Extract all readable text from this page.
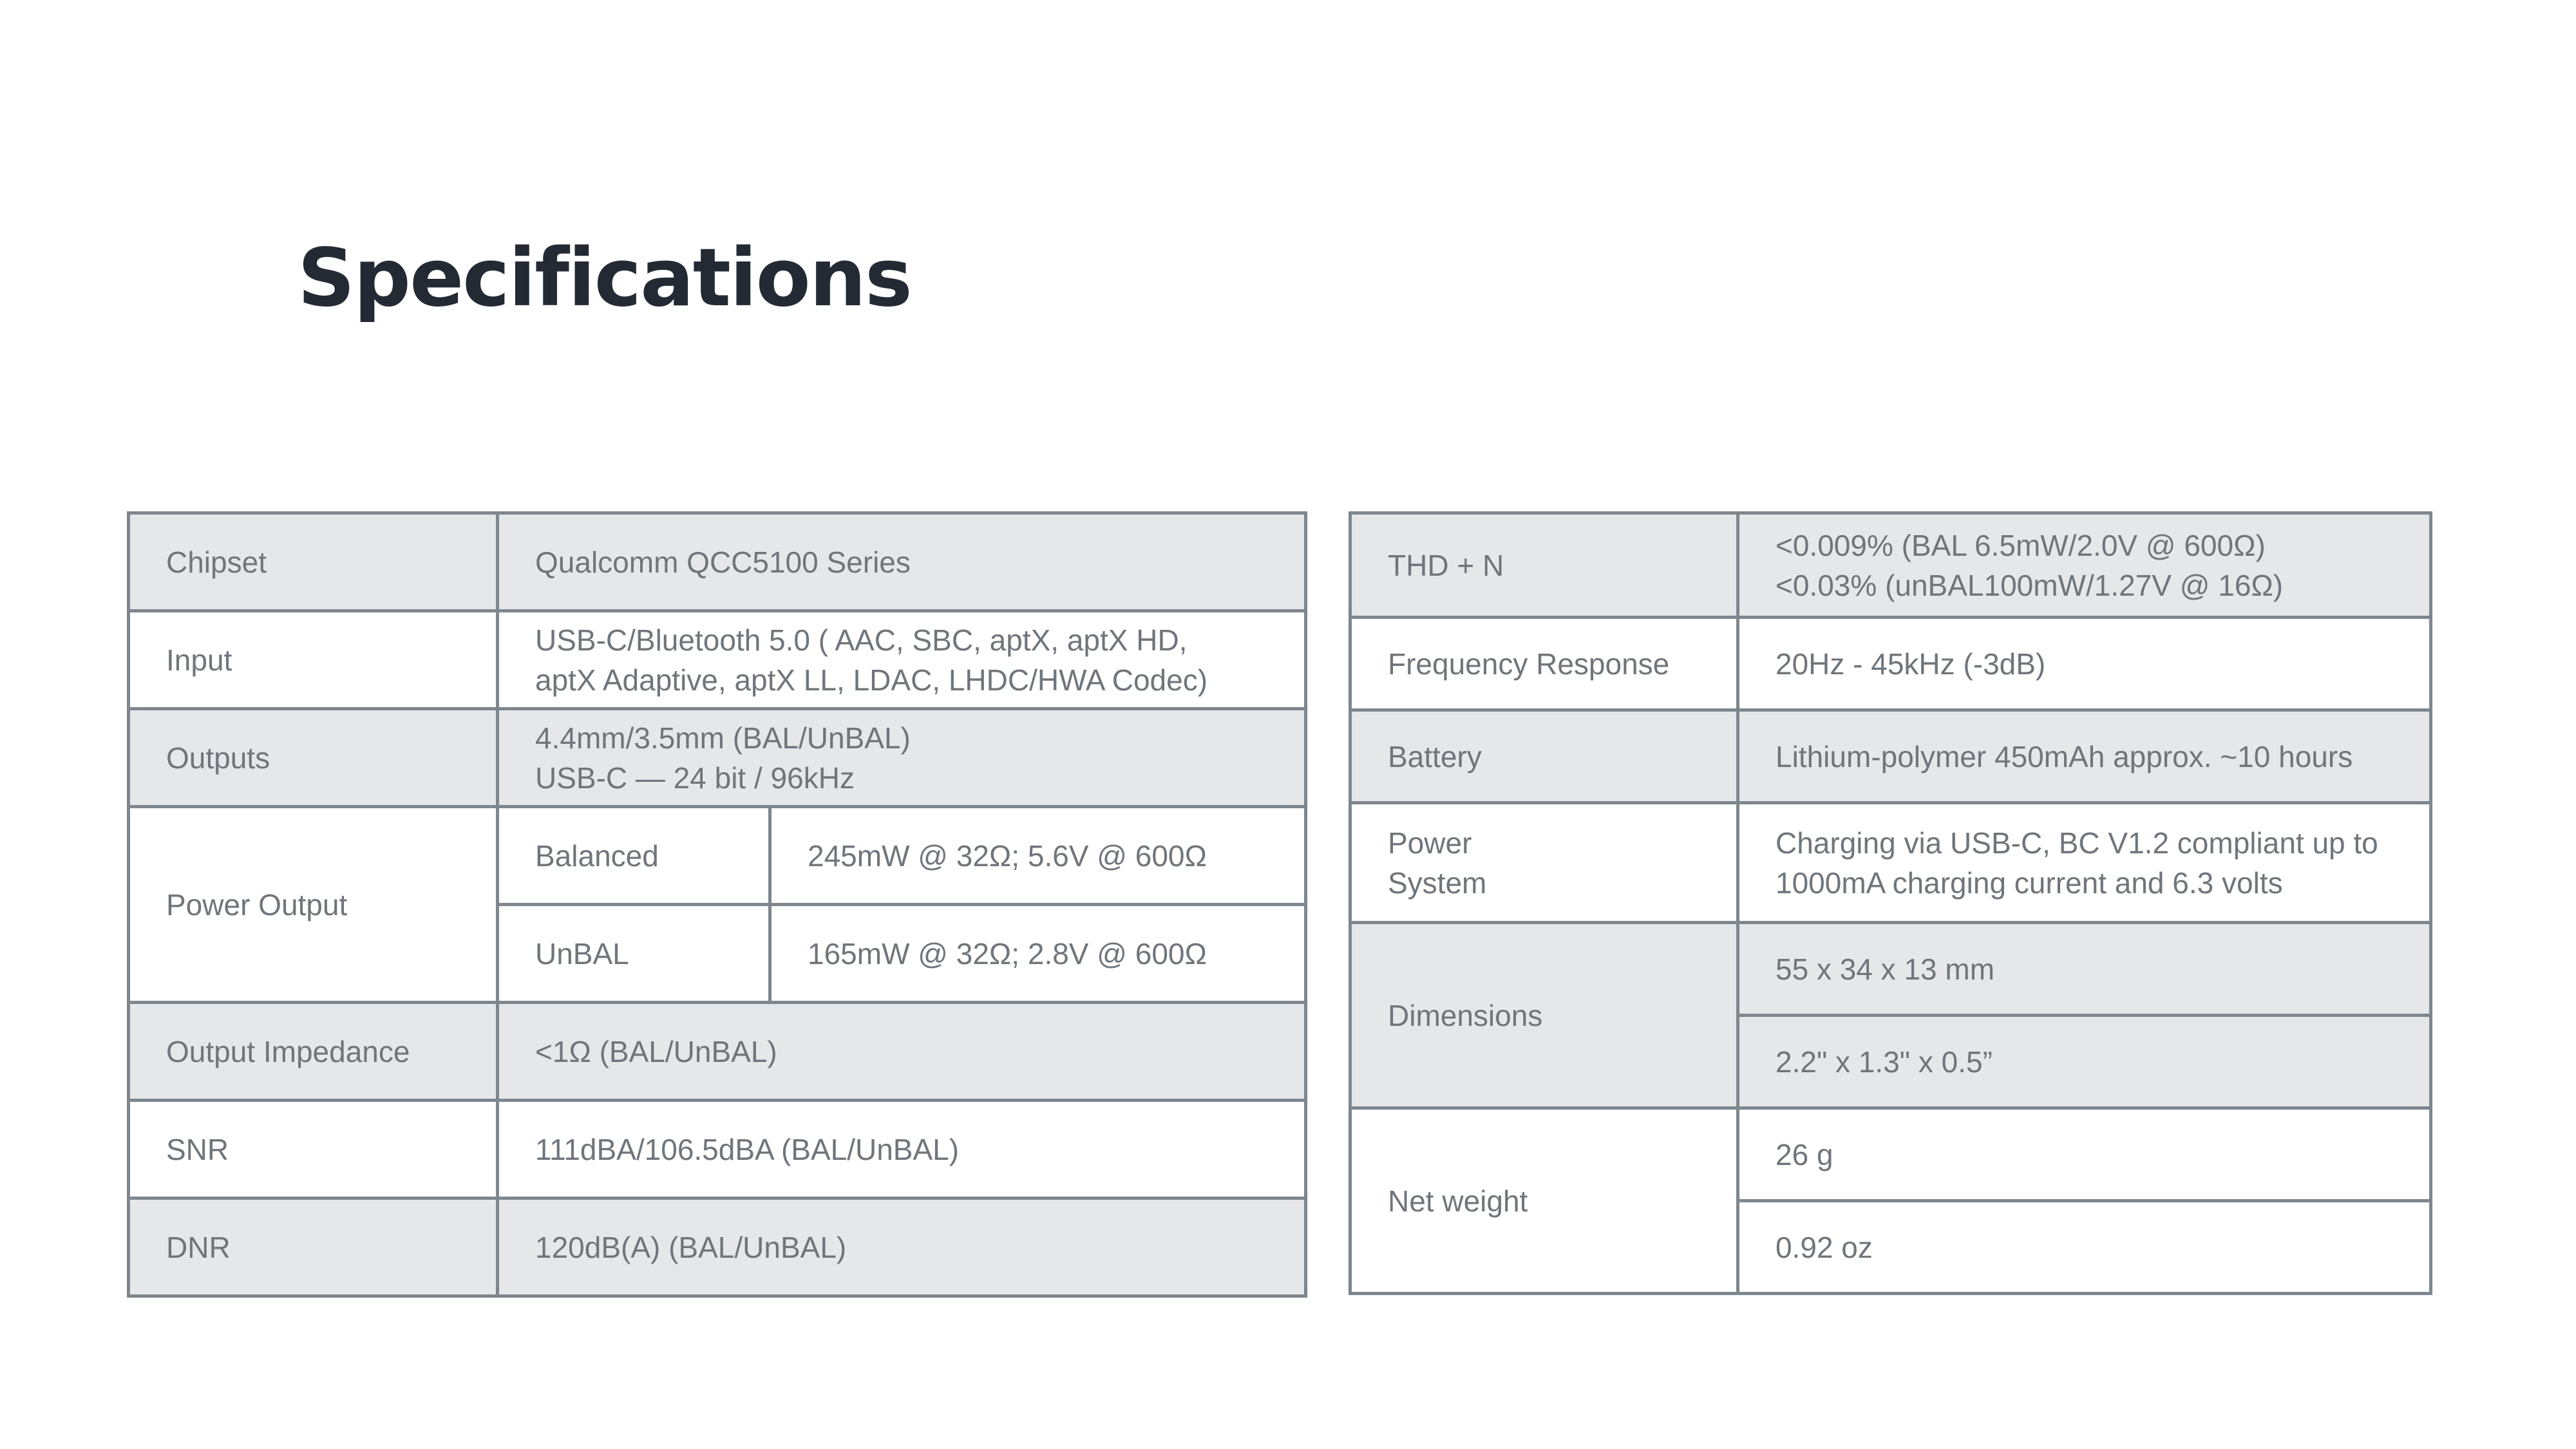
Specifications
Chipset	Qualcomm QCC5100 Series	
Input	USB-C/Bluetooth 5.0 ( AAC, SBC, aptX, aptX HD,
aptX Adaptive, aptX LL, LDAC, LHDC/HWA Codec)	

Outputs	4.4mm/3.5mm (BAL/UnBAL)
USB-C — 24 bit / 96kHz	

Power Output	Balanced	245mW @ 32Ω; 5.6V @ 600Ω
	UnBAL	165mW @ 32Ω; 2.8V @ 600Ω
Output Impedance	<1Ω (BAL/UnBAL)	
SNR	111dBA/106.5dBA (BAL/UnBAL)	
DNR	120dB(A) (BAL/UnBAL)	
THD + N	<0.009% (BAL 6.5mW/2.0V @ 600Ω)
<0.03% (unBAL100mW/1.27V @ 16Ω)

Frequency Response	20Hz - 45kHz (-3dB)
Battery	Lithium-polymer 450mAh approx. ~10 hours

Power
System	Charging via USB-C, BC V1.2 compliant up to
1000mA charging current and 6.3 volts

Dimensions	55 x 34 x 13 mm
	2.2" x 1.3" x 0.5”
Net weight	26 g
	0.92 oz
